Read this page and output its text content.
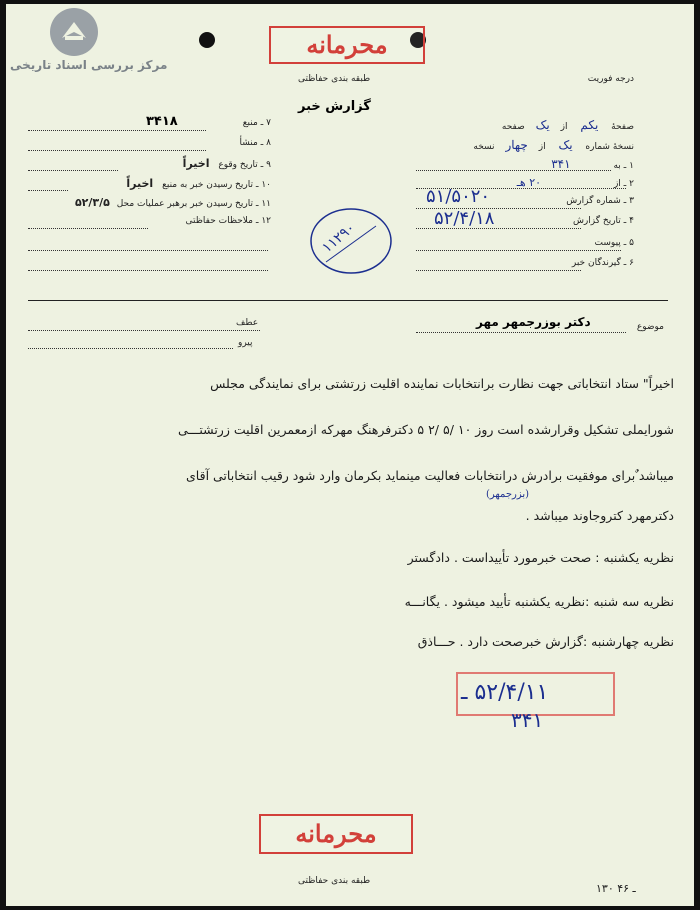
مرکز بررسی اسناد تاریخی
محرمانه
طبقه بندی حفاظتی	درجه فوریت
گزارش خبر
صفحهٔ یکم از یک صفحه
نسخهٔ شماره یک از چهار نسخه
۱ ـ به ۳۴۱
۲ ـ از ۲۰ هـ
۳ ـ شماره گزارش
۵۱/۵۰۲۰
۴ ـ تاریخ گزارش
۵۲/۴/۱۸
۵ ـ پیوست
۶ ـ گیرندگان خبر
۷ ـ منبع
۳۴۱۸
۸ ـ منشأ
۹ ـ تاریخ وقوع اخیراً
۱۰ ـ تاریخ رسیدن خبر به منبع اخیراً
۱۱ ـ تاریخ رسیدن خبر برهبر عملیات محل ۵۲/۳/۵
۱۲ ـ ملاحظات حفاظتی	۱۱۲۹۰
موضوع
دکتر بوزرجمهر مهر
عطف
پیرو
اخیراً" ستاد انتخاباتی جهت نظارت برانتخابات نماینده اقلیت زرتشتی برای نمایندگی مجلس
شورایملی تشکیل وقرارشده است روز ۱۰ /۵ /۲ ۵ دکترفرهنگ مهرکه ازمعمرین اقلیت زرتشتـــی
میباشد ٌبرای موفقیت برادرش درانتخابات فعالیت مینماید بکرمان وارد شود رقیب انتخاباتی آقای
(بزرجمهر)
دکترمهرد کتروجاوند میباشد .
نظریه یکشنبه : صحت خبرمورد تأییداست . دادگستر
نظریه سه شنبه :نظریه یکشنبه تأیید میشود . یگانـــه
نظریه چهارشنبه :گزارش خبرصحت دارد . حـــاذق
۵۲/۴/۱۱ ـ
۳۴۱
محرمانه
طبقه بندی حفاظتی
۱۳۰ ـ ۴۶
